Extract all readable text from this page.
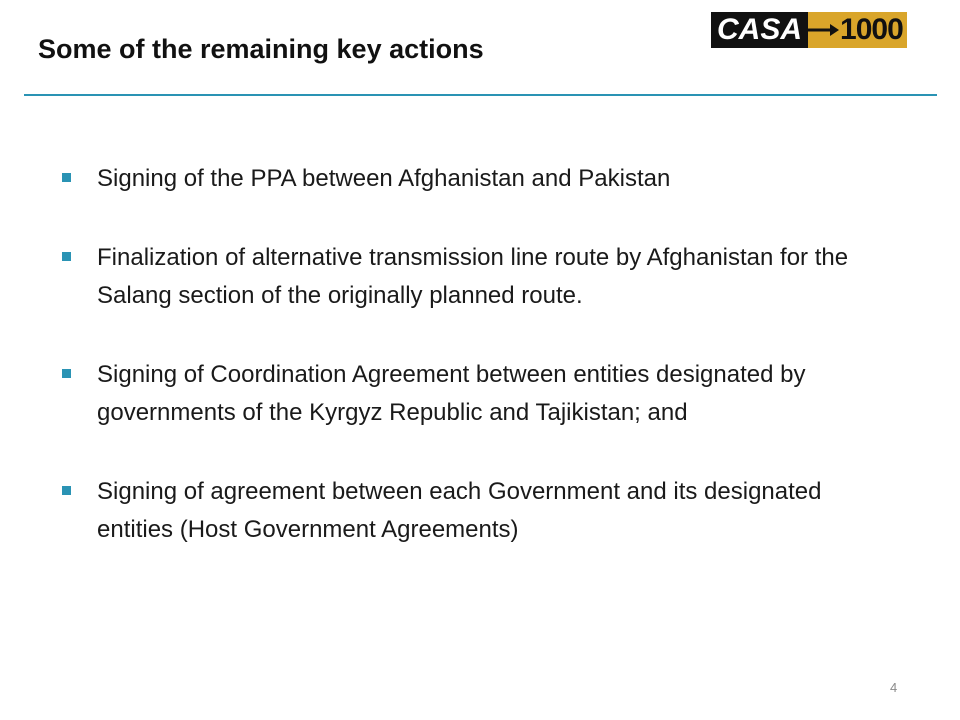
Some of the remaining key actions
CASA 1000
Signing of the PPA between Afghanistan and Pakistan
Finalization of alternative transmission line route by Afghanistan for the Salang section of the originally planned route.
Signing of Coordination Agreement between entities designated by governments of the Kyrgyz Republic and Tajikistan; and
Signing of agreement between each Government and its designated entities (Host Government Agreements)
4
